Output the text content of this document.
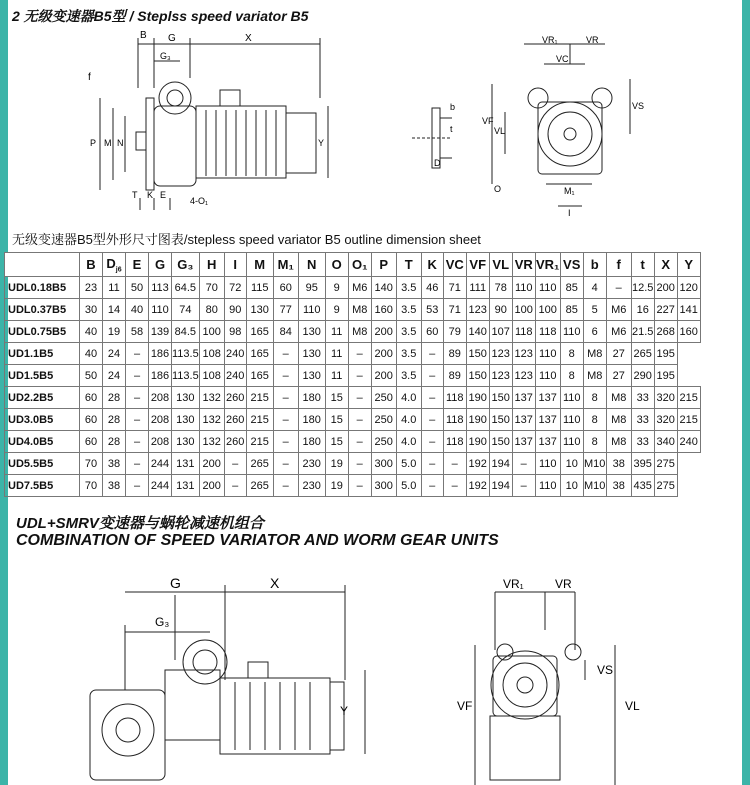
2 无级变速器B5型 / Steplss speed variator B5
B G	X
G₃
f
P M N	Y
T K E
4-O₁
b
t
D
VR₁	VR
VC
VS
VF
VL
O	M₁
I
无级变速器B5型外形尺寸图表/stepless speed variator B5 outline dimension sheet
	B	$D_{j6}$	E	G	G₃	H	I	M	M₁	N	O	O₁	P	T	K	VC	VF	VL	VR	VR₁	VS	b	f	t	X	Y
UDL0.18B5	23	11	50	113	64.5	70	72	115	60	95	9	M6	140	3.5	46	71	111	78	110	110	85	4	–	12.5	200	120
UDL0.37B5	30	14	40	110	74	80	90	130	77	110	9	M8	160	3.5	53	71	123	90	100	100	85	5	M6	16	227	141
UDL0.75B5	40	19	58	139	84.5	100	98	165	84	130	11	M8	200	3.5	60	79	140	107	118	118	110	6	M6	21.5	268	160
UD1.1B5	40	24	–	186	113.5	108	240	165	–	130	11	–	200	3.5	–	89	150	123	123	110	8	M8	27	265	195	
UD1.5B5	50	24	–	186	113.5	108	240	165	–	130	11	–	200	3.5	–	89	150	123	123	110	8	M8	27	290	195	
UD2.2B5	60	28	–	208	130	132	260	215	–	180	15	–	250	4.0	–	118	190	150	137	137	110	8	M8	33	320	215
UD3.0B5	60	28	–	208	130	132	260	215	–	180	15	–	250	4.0	–	118	190	150	137	137	110	8	M8	33	320	215
UD4.0B5	60	28	–	208	130	132	260	215	–	180	15	–	250	4.0	–	118	190	150	137	137	110	8	M8	33	340	240
UD5.5B5	70	38	–	244	131	200	–	265	–	230	19	–	300	5.0	–	–	192	194	–	110	10	M10	38	395	275	
UD7.5B5	70	38	–	244	131	200	–	265	–	230	19	–	300	5.0	–	–	192	194	–	110	10	M10	38	435	275	
UDL+SMRV变速器与蜗轮减速机组合
COMBINATION OF SPEED VARIATOR AND WORM GEAR UNITS
G	X
G₃
Y
VR₁	VR
VS
VF	VL
